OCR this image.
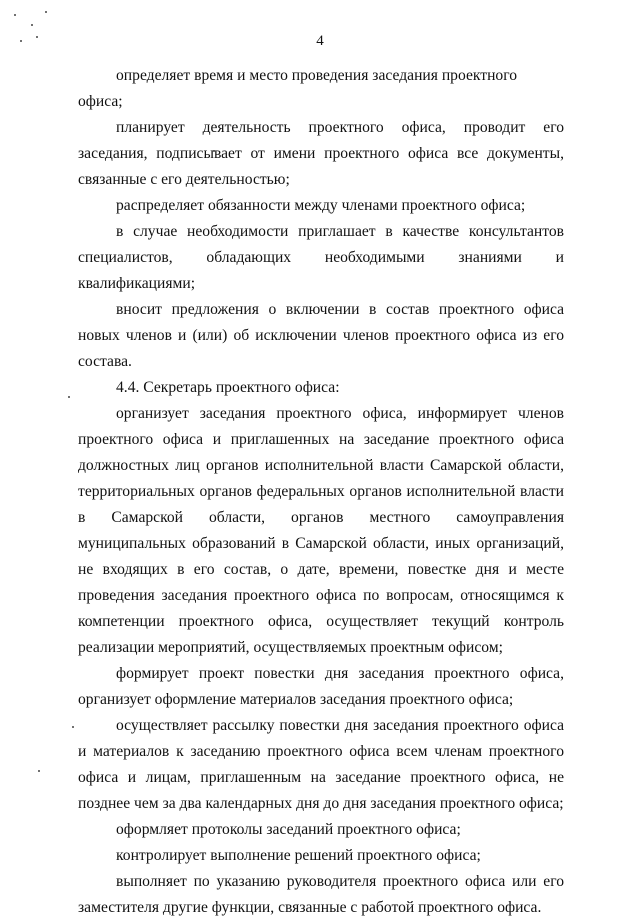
4

определяет время и место проведения заседания проектного офиса;

планирует деятельность проектного офиса, проводит его заседания, подписывает от имени проектного офиса все документы, связанные с его деятельностью;

распределяет обязанности между членами проектного офиса;

в случае необходимости приглашает в качестве консультантов специалистов, обладающих необходимыми знаниями и квалификациями;

вносит предложения о включении в состав проектного офиса новых членов и (или) об исключении членов проектного офиса из его состава.

4.4. Секретарь проектного офиса:

организует заседания проектного офиса, информирует членов проектного офиса и приглашенных на заседание проектного офиса должностных лиц органов исполнительной власти Самарской области, территориальных органов федеральных органов исполнительной власти в Самарской области, органов местного самоуправления муниципальных образований в Самарской области, иных организаций, не входящих в его состав, о дате, времени, повестке дня и месте проведения заседания проектного офиса по вопросам, относящимся к компетенции проектного офиса, осуществляет текущий контроль реализации мероприятий, осуществляемых проектным офисом;

формирует проект повестки дня заседания проектного офиса, организует оформление материалов заседания проектного офиса;

осуществляет рассылку повестки дня заседания проектного офиса и материалов к заседанию проектного офиса всем членам проектного офиса и лицам, приглашенным на заседание проектного офиса, не позднее чем за два календарных дня до дня заседания проектного офиса;

оформляет протоколы заседаний проектного офиса;

контролирует выполнение решений проектного офиса;

выполняет по указанию руководителя проектного офиса или его заместителя другие функции, связанные с работой проектного офиса.
